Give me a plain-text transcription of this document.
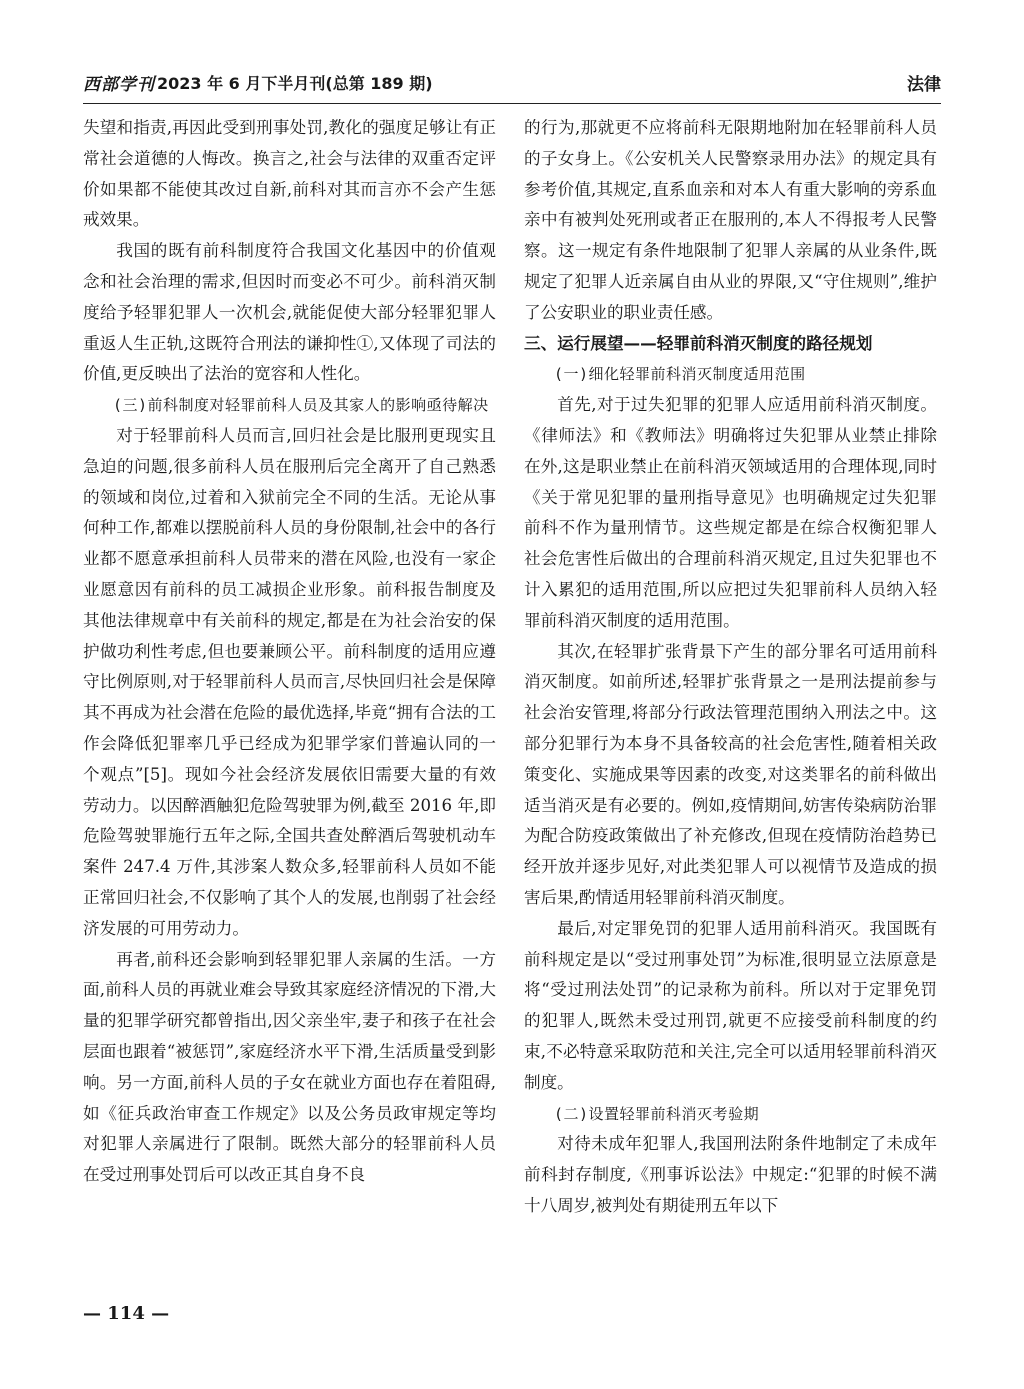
西部学刊 2023 年 6 月下半月刊(总第 189 期)	法律

失望和指责,再因此受到刑事处罚,教化的强度足够让有正常社会道德的人悔改。换言之,社会与法律的双重否定评价如果都不能使其改过自新,前科对其而言亦不会产生惩戒效果。

我国的既有前科制度符合我国文化基因中的价值观念和社会治理的需求,但因时而变必不可少。前科消灭制度给予轻罪犯罪人一次机会,就能促使大部分轻罪犯罪人重返人生正轨,这既符合刑法的谦抑性①,又体现了司法的价值,更反映出了法治的宽容和人性化。

(三)前科制度对轻罪前科人员及其家人的影响亟待解决

对于轻罪前科人员而言,回归社会是比服刑更现实且急迫的问题,很多前科人员在服刑后完全离开了自己熟悉的领域和岗位,过着和入狱前完全不同的生活。无论从事何种工作,都难以摆脱前科人员的身份限制,社会中的各行业都不愿意承担前科人员带来的潜在风险,也没有一家企业愿意因有前科的员工减损企业形象。前科报告制度及其他法律规章中有关前科的规定,都是在为社会治安的保护做功利性考虑,但也要兼顾公平。前科制度的适用应遵守比例原则,对于轻罪前科人员而言,尽快回归社会是保障其不再成为社会潜在危险的最优选择,毕竟“拥有合法的工作会降低犯罪率几乎已经成为犯罪学家们普遍认同的一个观点”[5]。现如今社会经济发展依旧需要大量的有效劳动力。以因醉酒触犯危险驾驶罪为例,截至 2016 年,即危险驾驶罪施行五年之际,全国共查处醉酒后驾驶机动车案件 247.4 万件,其涉案人数众多,轻罪前科人员如不能正常回归社会,不仅影响了其个人的发展,也削弱了社会经济发展的可用劳动力。

再者,前科还会影响到轻罪犯罪人亲属的生活。一方面,前科人员的再就业难会导致其家庭经济情况的下滑,大量的犯罪学研究都曾指出,因父亲坐牢,妻子和孩子在社会层面也跟着“被惩罚”,家庭经济水平下滑,生活质量受到影响。另一方面,前科人员的子女在就业方面也存在着阻碍,如《征兵政治审查工作规定》以及公务员政审规定等均对犯罪人亲属进行了限制。既然大部分的轻罪前科人员在受过刑事处罚后可以改正其自身不良

的行为,那就更不应将前科无限期地附加在轻罪前科人员的子女身上。《公安机关人民警察录用办法》的规定具有参考价值,其规定,直系血亲和对本人有重大影响的旁系血亲中有被判处死刑或者正在服刑的,本人不得报考人民警察。这一规定有条件地限制了犯罪人亲属的从业条件,既规定了犯罪人近亲属自由从业的界限,又“守住规则”,维护了公安职业的职业责任感。

三、运行展望——轻罪前科消灭制度的路径规划

(一)细化轻罪前科消灭制度适用范围

首先,对于过失犯罪的犯罪人应适用前科消灭制度。《律师法》和《教师法》明确将过失犯罪从业禁止排除在外,这是职业禁止在前科消灭领域适用的合理体现,同时《关于常见犯罪的量刑指导意见》也明确规定过失犯罪前科不作为量刑情节。这些规定都是在综合权衡犯罪人社会危害性后做出的合理前科消灭规定,且过失犯罪也不计入累犯的适用范围,所以应把过失犯罪前科人员纳入轻罪前科消灭制度的适用范围。

其次,在轻罪扩张背景下产生的部分罪名可适用前科消灭制度。如前所述,轻罪扩张背景之一是刑法提前参与社会治安管理,将部分行政法管理范围纳入刑法之中。这部分犯罪行为本身不具备较高的社会危害性,随着相关政策变化、实施成果等因素的改变,对这类罪名的前科做出适当消灭是有必要的。例如,疫情期间,妨害传染病防治罪为配合防疫政策做出了补充修改,但现在疫情防治趋势已经开放并逐步见好,对此类犯罪人可以视情节及造成的损害后果,酌情适用轻罪前科消灭制度。

最后,对定罪免罚的犯罪人适用前科消灭。我国既有前科规定是以“受过刑事处罚”为标准,很明显立法原意是将“受过刑法处罚”的记录称为前科。所以对于定罪免罚的犯罪人,既然未受过刑罚,就更不应接受前科制度的约束,不必特意采取防范和关注,完全可以适用轻罪前科消灭制度。

(二)设置轻罪前科消灭考验期

对待未成年犯罪人,我国刑法附条件地制定了未成年前科封存制度,《刑事诉讼法》中规定:“犯罪的时候不满十八周岁,被判处有期徒刑五年以下

— 114 —
